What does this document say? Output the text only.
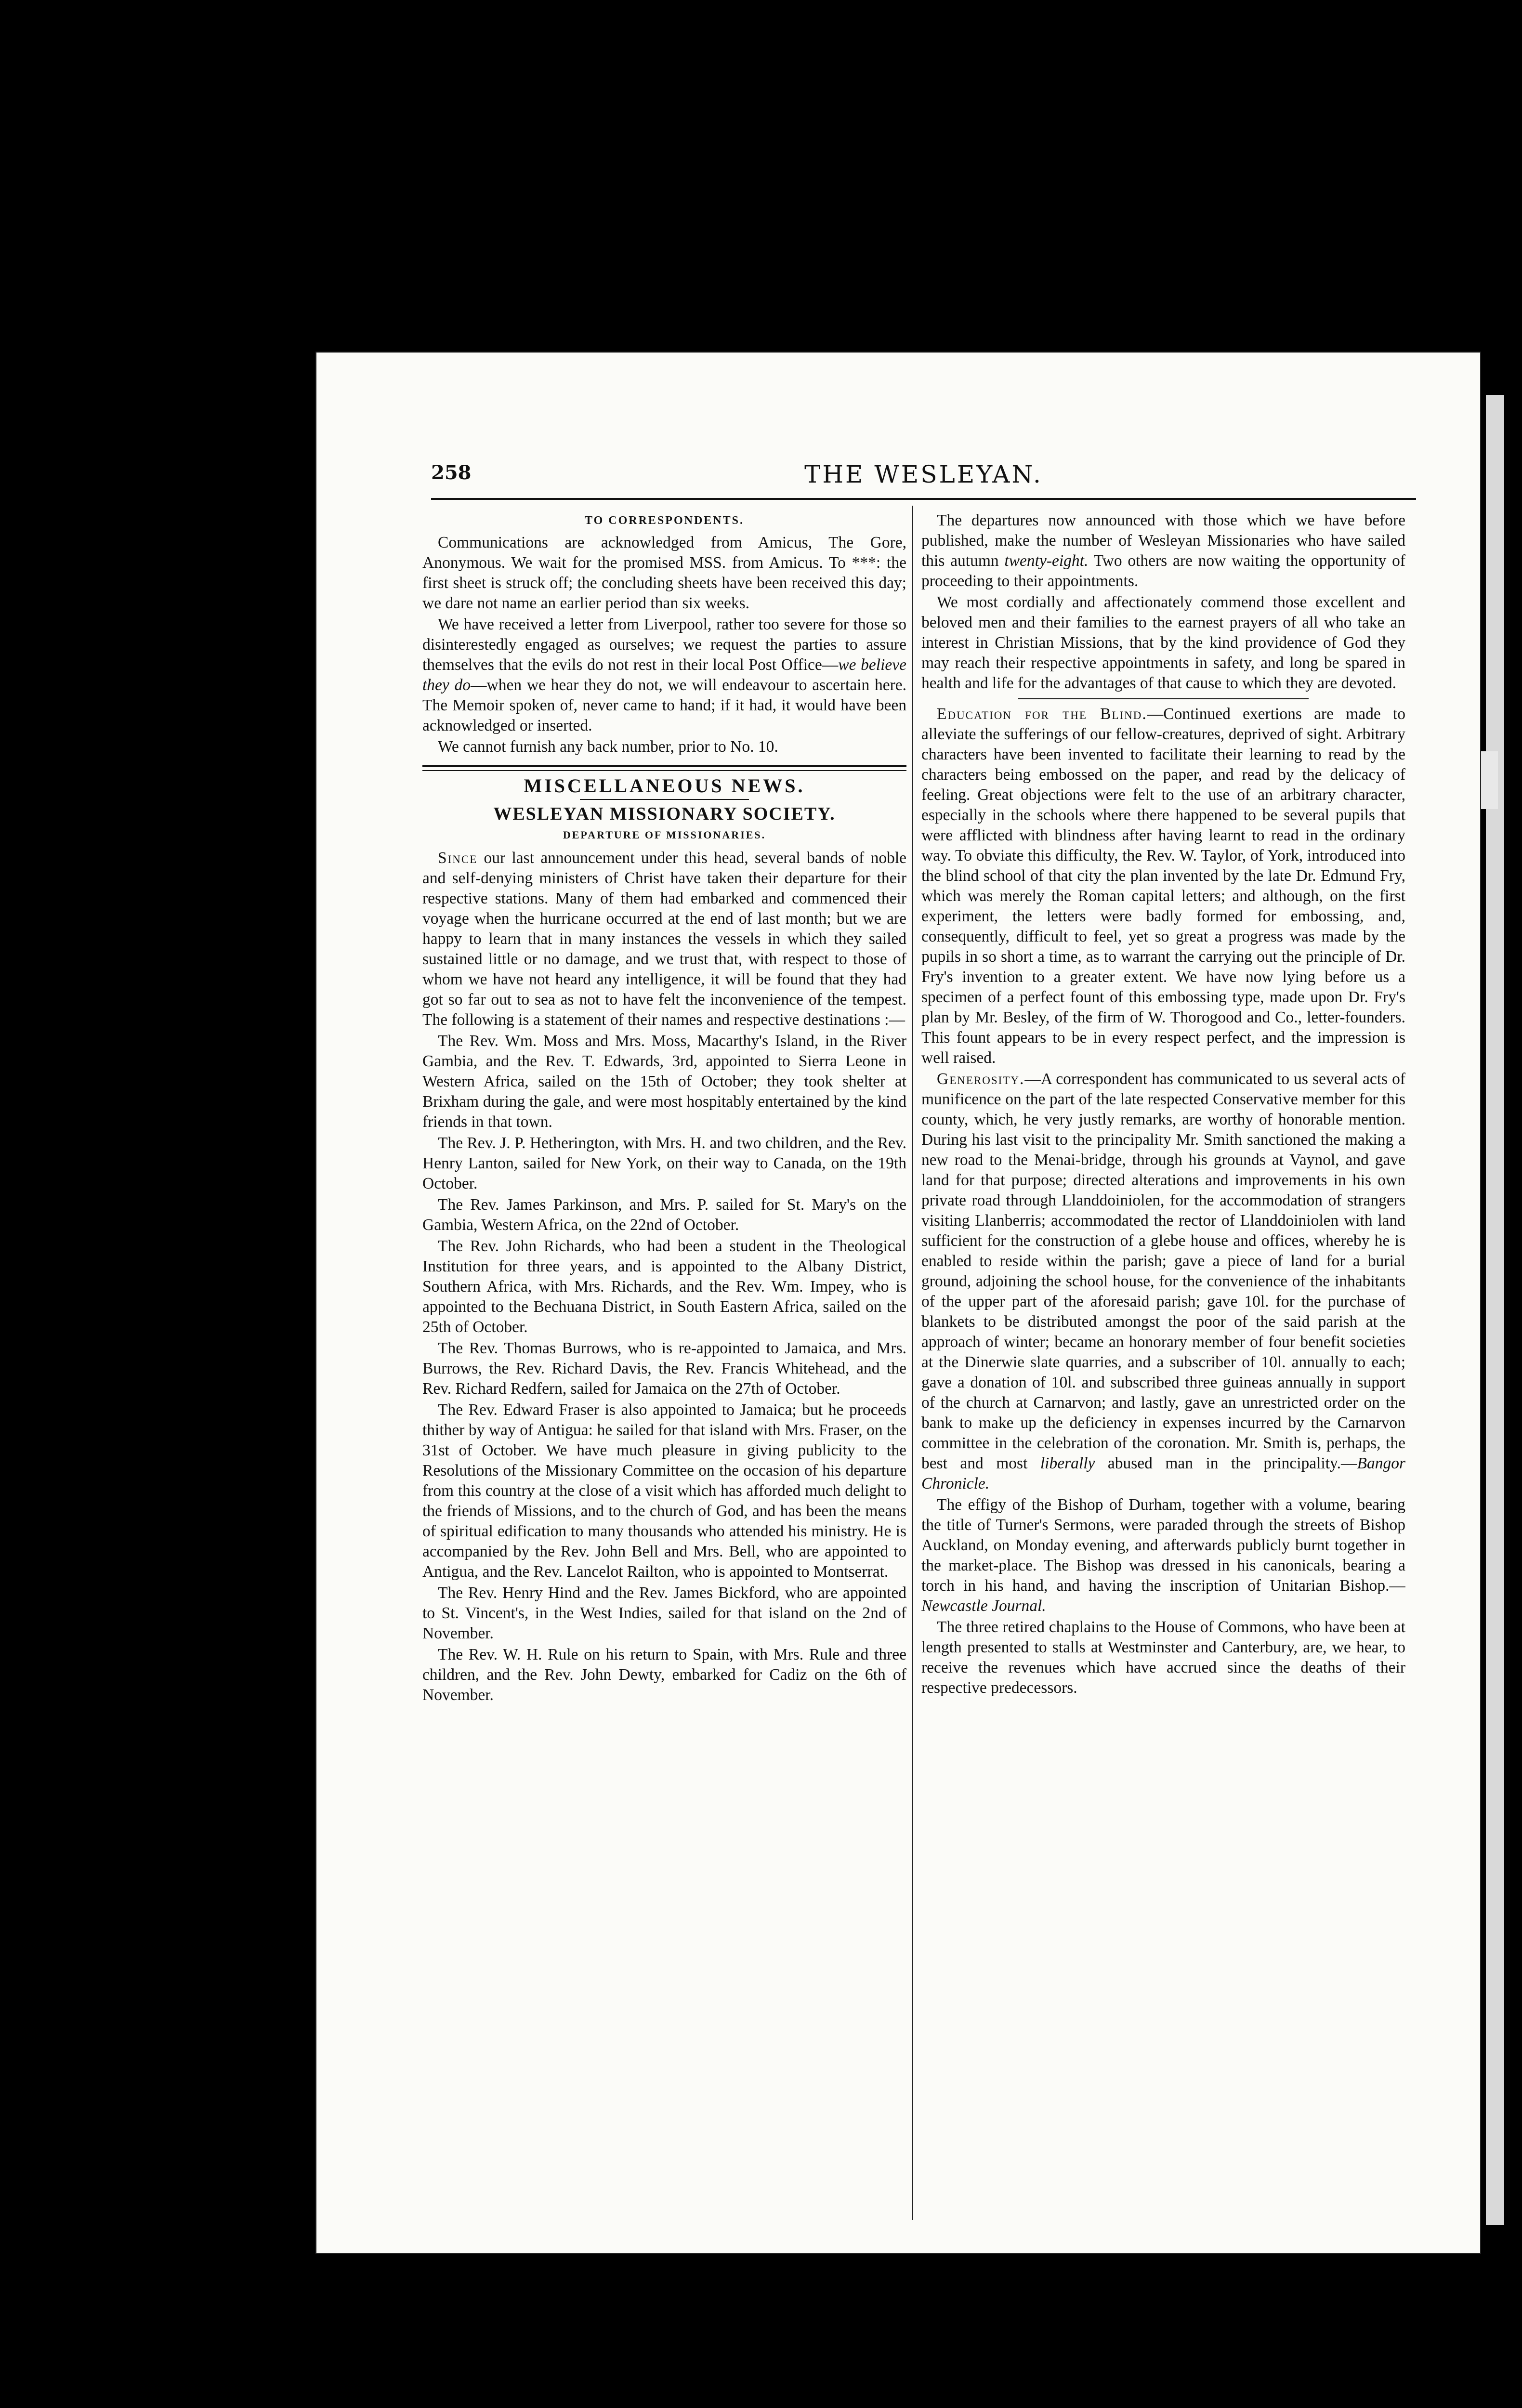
258	THE WESLEYAN.
TO CORRESPONDENTS.

Communications are acknowledged from Amicus, The Gore, Anonymous. We wait for the promised MSS. from Amicus. To ***: the first sheet is struck off; the concluding sheets have been received this day; we dare not name an earlier period than six weeks.

We have received a letter from Liverpool, rather too severe for those so disinterestedly engaged as ourselves; we request the parties to assure themselves that the evils do not rest in their local Post Office—we believe they do—when we hear they do not, we will endeavour to ascertain here. The Memoir spoken of, never came to hand; if it had, it would have been acknowledged or inserted.

We cannot furnish any back number, prior to No. 10.

MISCELLANEOUS NEWS.
WESLEYAN MISSIONARY SOCIETY.
DEPARTURE OF MISSIONARIES.

Since our last announcement under this head, several bands of noble and self-denying ministers of Christ have taken their departure for their respective stations. Many of them had embarked and commenced their voyage when the hurricane occurred at the end of last month; but we are happy to learn that in many instances the vessels in which they sailed sustained little or no damage, and we trust that, with respect to those of whom we have not heard any intelligence, it will be found that they had got so far out to sea as not to have felt the inconvenience of the tempest. The following is a statement of their names and respective destinations :—

The Rev. Wm. Moss and Mrs. Moss, Macarthy's Island, in the River Gambia, and the Rev. T. Edwards, 3rd, appointed to Sierra Leone in Western Africa, sailed on the 15th of October; they took shelter at Brixham during the gale, and were most hospitably entertained by the kind friends in that town.

The Rev. J. P. Hetherington, with Mrs. H. and two children, and the Rev. Henry Lanton, sailed for New York, on their way to Canada, on the 19th October.

The Rev. James Parkinson, and Mrs. P. sailed for St. Mary's on the Gambia, Western Africa, on the 22nd of October.

The Rev. John Richards, who had been a student in the Theological Institution for three years, and is appointed to the Albany District, Southern Africa, with Mrs. Richards, and the Rev. Wm. Impey, who is appointed to the Bechuana District, in South Eastern Africa, sailed on the 25th of October.

The Rev. Thomas Burrows, who is re-appointed to Jamaica, and Mrs. Burrows, the Rev. Richard Davis, the Rev. Francis Whitehead, and the Rev. Richard Redfern, sailed for Jamaica on the 27th of October.

The Rev. Edward Fraser is also appointed to Jamaica; but he proceeds thither by way of Antigua: he sailed for that island with Mrs. Fraser, on the 31st of October. We have much pleasure in giving publicity to the Resolutions of the Missionary Committee on the occasion of his departure from this country at the close of a visit which has afforded much delight to the friends of Missions, and to the church of God, and has been the means of spiritual edification to many thousands who attended his ministry. He is accompanied by the Rev. John Bell and Mrs. Bell, who are appointed to Antigua, and the Rev. Lancelot Railton, who is appointed to Montserrat.

The Rev. Henry Hind and the Rev. James Bickford, who are appointed to St. Vincent's, in the West Indies, sailed for that island on the 2nd of November.

The Rev. W. H. Rule on his return to Spain, with Mrs. Rule and three children, and the Rev. John Dewty, embarked for Cadiz on the 6th of November.

The departures now announced with those which we have before published, make the number of Wesleyan Missionaries who have sailed this autumn twenty-eight. Two others are now waiting the opportunity of proceeding to their appointments.

We most cordially and affectionately commend those excellent and beloved men and their families to the earnest prayers of all who take an interest in Christian Missions, that by the kind providence of God they may reach their respective appointments in safety, and long be spared in health and life for the advantages of that cause to which they are devoted.

Education for the Blind.—Continued exertions are made to alleviate the sufferings of our fellow-creatures, deprived of sight. Arbitrary characters have been invented to facilitate their learning to read by the characters being embossed on the paper, and read by the delicacy of feeling. Great objections were felt to the use of an arbitrary character, especially in the schools where there happened to be several pupils that were afflicted with blindness after having learnt to read in the ordinary way. To obviate this difficulty, the Rev. W. Taylor, of York, introduced into the blind school of that city the plan invented by the late Dr. Edmund Fry, which was merely the Roman capital letters; and although, on the first experiment, the letters were badly formed for embossing, and, consequently, difficult to feel, yet so great a progress was made by the pupils in so short a time, as to warrant the carrying out the principle of Dr. Fry's invention to a greater extent. We have now lying before us a specimen of a perfect fount of this embossing type, made upon Dr. Fry's plan by Mr. Besley, of the firm of W. Thorogood and Co., letter-founders. This fount appears to be in every respect perfect, and the impression is well raised.

Generosity.—A correspondent has communicated to us several acts of munificence on the part of the late respected Conservative member for this county, which, he very justly remarks, are worthy of honorable mention. During his last visit to the principality Mr. Smith sanctioned the making a new road to the Menai-bridge, through his grounds at Vaynol, and gave land for that purpose; directed alterations and improvements in his own private road through Llanddoiniolen, for the accommodation of strangers visiting Llanberris; accommodated the rector of Llanddoiniolen with land sufficient for the construction of a glebe house and offices, whereby he is enabled to reside within the parish; gave a piece of land for a burial ground, adjoining the school house, for the convenience of the inhabitants of the upper part of the aforesaid parish; gave 10l. for the purchase of blankets to be distributed amongst the poor of the said parish at the approach of winter; became an honorary member of four benefit societies at the Dinerwie slate quarries, and a subscriber of 10l. annually to each; gave a donation of 10l. and subscribed three guineas annually in support of the church at Carnarvon; and lastly, gave an unrestricted order on the bank to make up the deficiency in expenses incurred by the Carnarvon committee in the celebration of the coronation. Mr. Smith is, perhaps, the best and most liberally abused man in the principality.—Bangor Chronicle.

The effigy of the Bishop of Durham, together with a volume, bearing the title of Turner's Sermons, were paraded through the streets of Bishop Auckland, on Monday evening, and afterwards publicly burnt together in the market-place. The Bishop was dressed in his canonicals, bearing a torch in his hand, and having the inscription of Unitarian Bishop.—Newcastle Journal.

The three retired chaplains to the House of Commons, who have been at length presented to stalls at Westminster and Canterbury, are, we hear, to receive the revenues which have accrued since the deaths of their respective predecessors.
